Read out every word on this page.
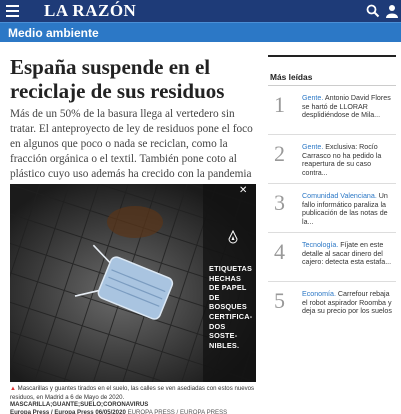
LA RAZÓN
Medio ambiente
España suspende en el reciclaje de sus residuos

Más de un 50% de la basura llega al vertedero sin tratar. El anteproyecto de ley de residuos pone el foco en algunos que poco o nada se reciclan, como la fracción orgánica o el textil. También pone coto al plástico cuyo uso además ha crecido con la pandemia

✕
ETIQUETAS
HECHAS
DE PAPEL
DE BOSQUES
CERTIFICA-
DOS SOSTE-
NIBLES.
▲ Mascarillas y guantes tirados en el suelo, las calles se ven asediadas con estos nuevos residuos, en Madrid a 6 de Mayo de 2020. MASCARILLA;GUANTE;SUELO;CORONAVIRUS
Europa Press / Europa Press 06/05/2020 EUROPA PRESS / EUROPA PRESS
Más leídas
1 Gente. Antonio David Flores se hartó de LLORAR desplidiéndose de Mila...
2 Gente. Exclusiva: Rocío Carrasco no ha pedido la reapertura de su caso contra...
3 Comunidad Valenciana. Un fallo informático paraliza la publicación de las notas de la...
4 Tecnología. Fíjate en este detalle al sacar dinero del cajero: detecta esta estafa...
5 Economía. Carrefour rebaja el robot aspirador Roomba y deja su precio por los suelos
